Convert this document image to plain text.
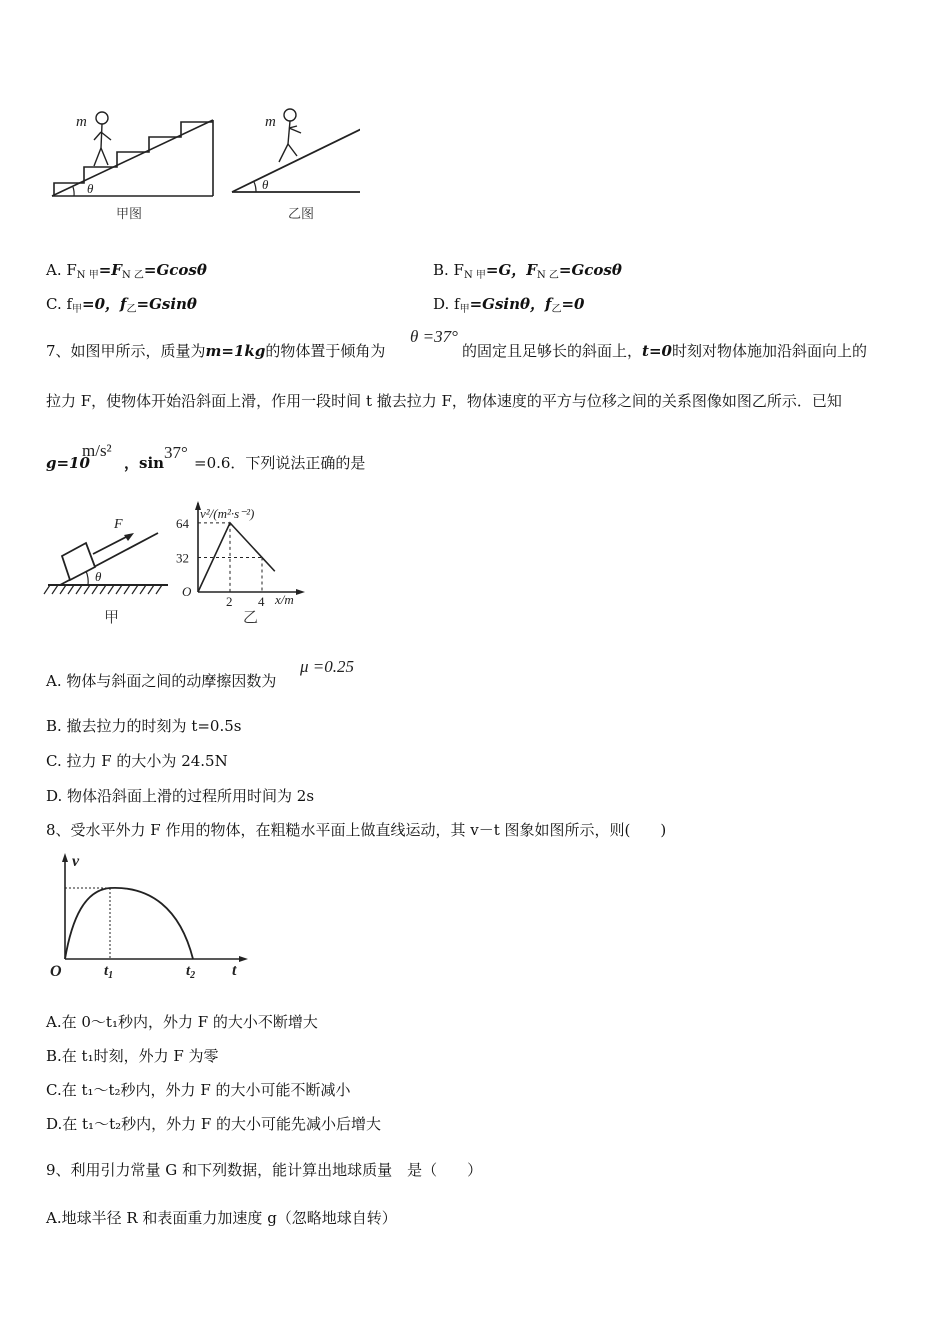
m
θ
甲图
m
θ
乙图
A. $F_{N 甲}=F_{N 乙}=Gcos\theta$	B. $F_{N 甲}=G$，$F_{N 乙}=Gcos\theta$
C. $f_甲=0$，$f_乙=Gsin\theta$	D. $f_甲=Gsin\theta$，$f_乙=0$
7、如图甲所示，质量为m=1kg的物体置于倾角为
θ =37°
的固定且足够长的斜面上，t=0时刻对物体施加沿斜面向上的
拉力 F，使物体开始沿斜面上滑，作用一段时间 t 撤去拉力 F，物体速度的平方与位移之间的关系图像如图乙所示．已知
g=10
m/s²
，sin
37°
=0.6．下列说法正确的是
F
θ
甲
v²/(m²·s⁻²)
x/m
O
2 4
64
32
乙
A. 物体与斜面之间的动摩擦因数为
μ =0.25
B. 撤去拉力的时刻为 t=0.5s
C. 拉力 F 的大小为 24.5N
D. 物体沿斜面上滑的过程所用时间为 2s
8、受水平外力 F 作用的物体，在粗糙水平面上做直线运动，其 v－t 图象如图所示，则(　　)
v
t
O	$t_1$	$t_2$
A.在 0～t₁秒内，外力 F 的大小不断增大
B.在 t₁时刻，外力 F 为零
C.在 t₁～t₂秒内，外力 F 的大小可能不断减小
D.在 t₁～t₂秒内，外力 F 的大小可能先减小后增大
9、利用引力常量 G 和下列数据，能计算出地球质量　是（　　）
A.地球半径 R 和表面重力加速度 g（忽略地球自转）
